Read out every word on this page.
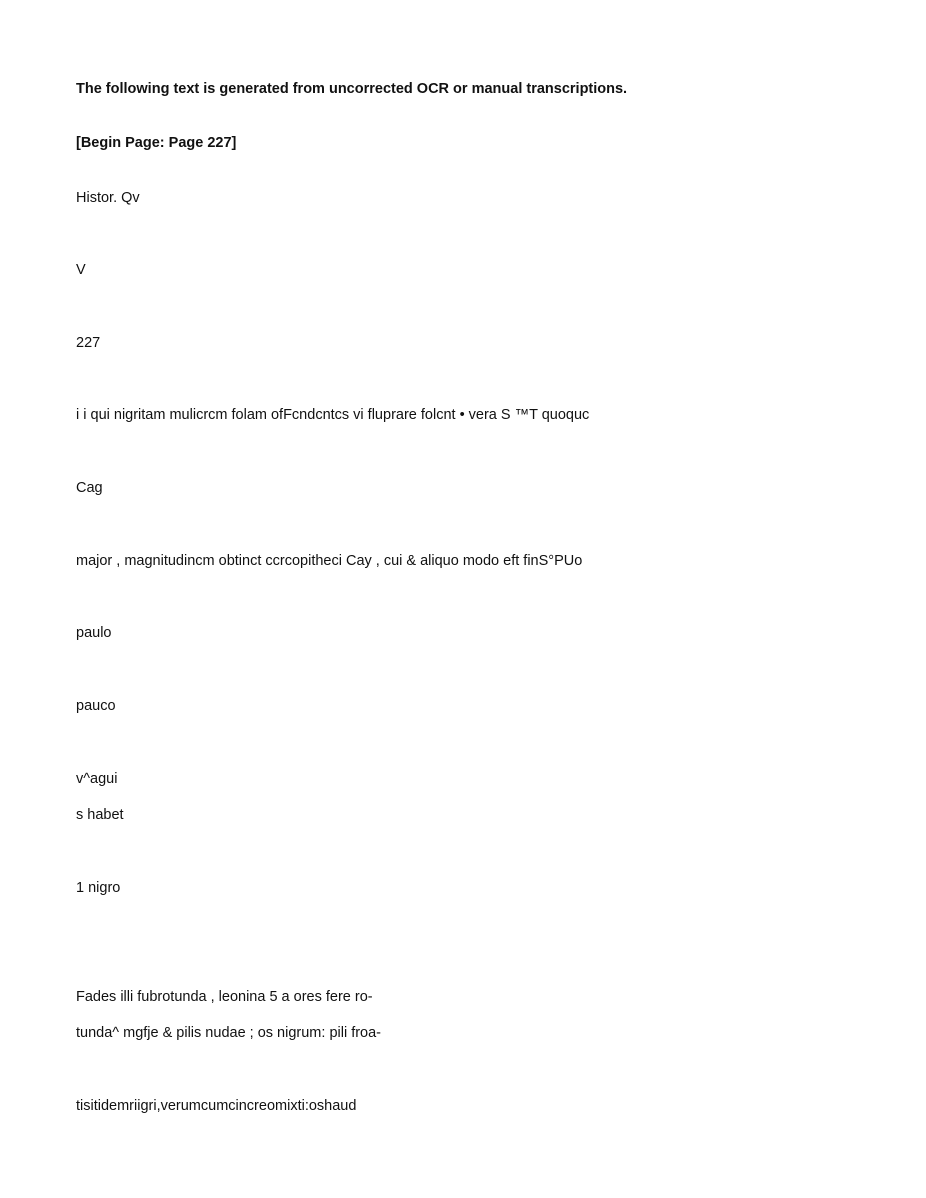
The following text is generated from uncorrected OCR or manual transcriptions.
[Begin Page: Page 227]
Histor. Qv
V
227
i i qui nigritam mulicrcm folam ofFcndcntcs vi fluprare folcnt • vera S ™T quoquc
Cag
major , magnitudincm obtinct ccrcopitheci Cay , cui & aliquo modo eft finS°PUo
paulo
pauco
v^agui
s habet
1 nigro
Fades illi fubrotunda , leonina 5 a ores fere ro-
tunda^ mgfje & pilis nudae ; os nigrum: pili froa-
tisitidemriigri,verumcumcincreomixti:oshaud
